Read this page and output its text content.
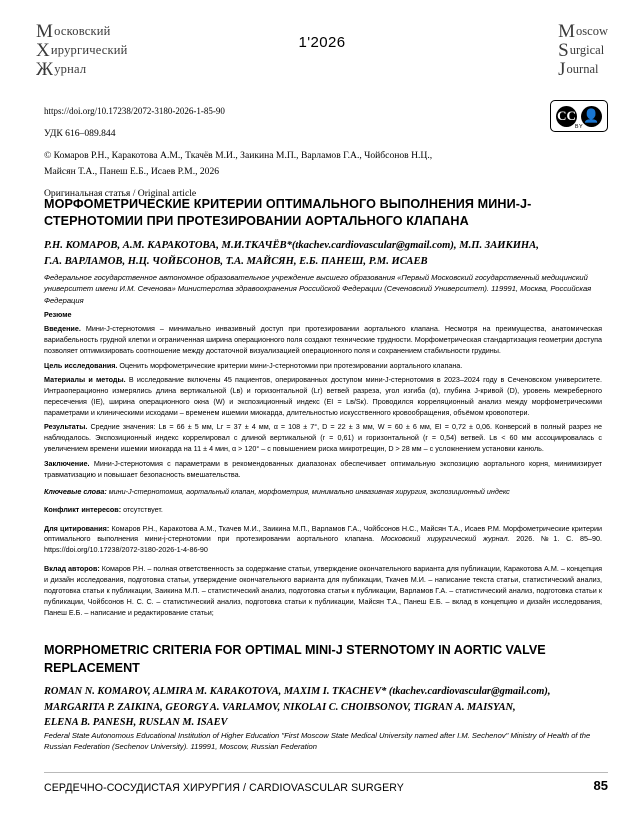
Московский
Хирургический
Журнал
1'2026
Moscow
Surgical
Journal
https://doi.org/10.17238/2072-3180-2026-1-85-90
УДК 616–089.844
© Комаров Р.Н., Каракотова А.М., Ткачёв М.И., Заикина М.П., Варламов Г.А., Чойбсонов Н.Ц.,
Майсян Т.А., Панеш Е.Б., Исаев Р.М., 2026
Оригинальная статья / Original article
CC 👤
BY
МОРФОМЕТРИЧЕСКИЕ КРИТЕРИИ ОПТИМАЛЬНОГО ВЫПОЛНЕНИЯ МИНИ-J-СТЕРНОТОМИИ ПРИ ПРОТЕЗИРОВАНИИ АОРТАЛЬНОГО КЛАПАНА
Р.Н. КОМАРОВ, А.М. КАРАКОТОВА, М.И.ТКАЧЁВ*(tkachev.cardiovascular@gmail.com), М.П. ЗАИКИНА,
Г.А. ВАРЛАМОВ, Н.Ц. ЧОЙБСОНОВ, Т.А. МАЙСЯН, Е.Б. ПАНЕШ, Р.М. ИСАЕВ
Федеральное государственное автономное образовательное учреждение высшего образования «Первый Московский государственный медицинский университет имени И.М. Сеченова» Министерства здравоохранения Российской Федерации (Сеченовский Университет). 119991, Москва, Российская Федерация

Резюме

Введение. Мини-J-стернотомия – минимально инвазивный доступ при протезировании аортального клапана. Несмотря на преимущества, анатомическая вариабельность грудной клетки и ограниченная ширина операционного поля создают технические трудности. Морфометрическая стандартизация геометрии доступа позволяет оптимизировать соотношение между достаточной визуализацией операционного поля и сохранением стабильности грудины.

Цель исследования. Оценить морфометрические критерии мини-J-стернотомии при протезировании аортального клапана.

Материалы и методы. В исследование включены 45 пациентов, оперированных доступом мини-J-стернотомия в 2023–2024 году в Сеченовском университете. Интраоперационно измерялись длина вертикальной (Lв) и горизонтальной (Lг) ветвей разреза, угол изгиба (α), глубина J-кривой (D), уровень межреберного пересечения (IЕ), ширина операционного окна (W) и экспозиционный индекс (ЕI = Lв/Sк). Проводился корреляционный анализ между морфометрическими параметрами и клиническими исходами – временем ишемии миокарда, длительностью искусственного кровообращения, объёмом кровопотери.

Результаты. Средние значения: Lв = 66 ± 5 мм, Lг = 37 ± 4 мм, α = 108 ± 7°, D = 22 ± 3 мм, W = 60 ± 6 мм, EI = 0,72 ± 0,06. Конверсий в полный разрез не наблюдалось. Экспозиционный индекс коррелировал с длиной вертикальной (r = 0,61) и горизонтальной (r = 0,54) ветвей. Lв < 60 мм ассоциировалась с увеличением времени ишемии миокарда на 11 ± 4 мин, α > 120° – с повышением риска микротрещин, D > 28 мм – с усложнением установки канюль.

Заключение. Мини-J-стернотомия с параметрами в рекомендованных диапазонах обеспечивает оптимальную экспозицию аортального корня, минимизирует травматизацию и повышает безопасность вмешательства.

Ключевые слова: мини-J-стернотомия, аортальный клапан, морфометрия, минимально инвазивная хирургия, экспозиционный индекс
Конфликт интересов: отсутствует.
Для цитирования: Комаров Р.Н., Каракотова А.М., Ткачев М.И., Заикина М.П., Варламов Г.А., Чойбсонов Н.С., Майсян Т.А., Исаев Р.М. Морфометрические критерии оптимального выполнения мини-j-стернотомии при протезировании аортального клапана. Московский хирургический журнал. 2026. №1. С. 85–90. https://doi.org/10.17238/2072-3180-2026-1-4-86-90
Вклад авторов: Комаров Р.Н. – полная ответственность за содержание статьи, утверждение окончательного варианта для публикации, Каракотова А.М. – концепция и дизайн исследования, подготовка статьи, утверждение окончательного варианта для публикации, Ткачев М.И. – написание текста статьи, статистический анализ, подготовка статьи к публикации, Заикина М.П. – статистический анализ, подготовка статьи к публикации, Варламов Г.А. – статистический анализ, подготовка статьи к публикации, Чойбсонов Н. С. С. – статистический анализ, подготовка статьи к публикации, Майсян Т.А., Панеш Е.Б. – вклад в концепцию и дизайн исследования, Панеш Е.Б. – написание и редактирование статьи;
MORPHOMETRIC CRITERIA FOR OPTIMAL MINI-J STERNOTOMY IN AORTIC VALVE REPLACEMENT
ROMAN N. KOMAROV, ALMIRA M. KARAKOTOVA, MAXIM I. TKACHEV* (tkachev.cardiovascular@gmail.com),
MARGARITA P. ZAIKINA, GEORGY A. VARLAMOV, NIKOLAI C. CHOIBSONOV, TIGRAN A. MAISYAN,
ELENA B. PANESH, RUSLAN M. ISAEV
Federal State Autonomous Educational Institution of Higher Education "First Moscow State Medical University named after I.M. Sechenov" Ministry of Health of the Russian Federation (Sechenov University). 119991, Moscow, Russian Federation
СЕРДЕЧНО-СОСУДИСТАЯ ХИРУРГИЯ / CARDIOVASCULAR SURGERY	85
